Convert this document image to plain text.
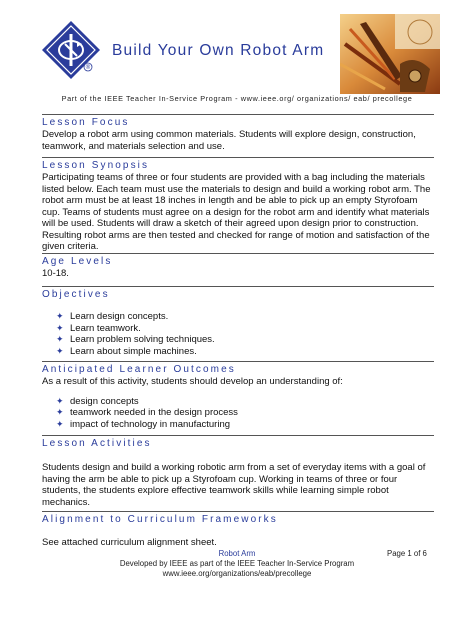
®
Build Your Own Robot Arm
Part of the IEEE Teacher In-Service Program - www.ieee.org/ organizations/ eab/ precollege
Lesson Focus
Develop a robot arm using common materials. Students will explore design, construction, teamwork, and materials selection and use.
Lesson Synopsis
Participating teams of three or four students are provided with a bag including the materials listed below. Each team must use the materials to design and build a working robot arm. The robot arm must be at least 18 inches in length and be able to pick up an empty Styrofoam cup. Teams of students must agree on a design for the robot arm and identify what materials will be used. Students will draw a sketch of their agreed upon design prior to construction. Resulting robot arms are then tested and checked for range of motion and satisfaction of the given criteria.
Age Levels
10-18.
Objectives
✦ Learn design concepts.
✦ Learn teamwork.
✦ Learn problem solving techniques.
✦ Learn about simple machines.
Anticipated Learner Outcomes
As a result of this activity, students should develop an understanding of:
✦ design concepts
✦ teamwork needed in the design process
✦ impact of technology in manufacturing
Lesson Activities
Students design and build a working robotic arm from a set of everyday items with a goal of having the arm be able to pick up a Styrofoam cup. Working in teams of three or four students, the students explore effective teamwork skills while learning simple robot mechanics.
Alignment to Curriculum Frameworks
See attached curriculum alignment sheet.
Robot Arm	Page 1 of 6
Developed by IEEE as part of the IEEE Teacher In-Service Program
www.ieee.org/organizations/eab/precollege
